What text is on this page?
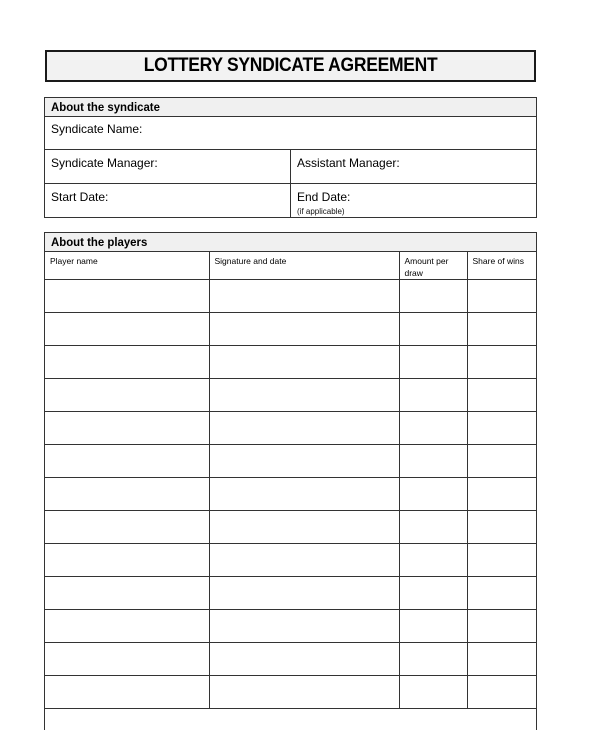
LOTTERY SYNDICATE AGREEMENT
About the syndicate
Syndicate Name:
Syndicate Manager:	Assistant Manager:
Start Date:	End Date:
(if applicable)
About the players
Player name	Signature and date	Amount per draw	Share of wins
